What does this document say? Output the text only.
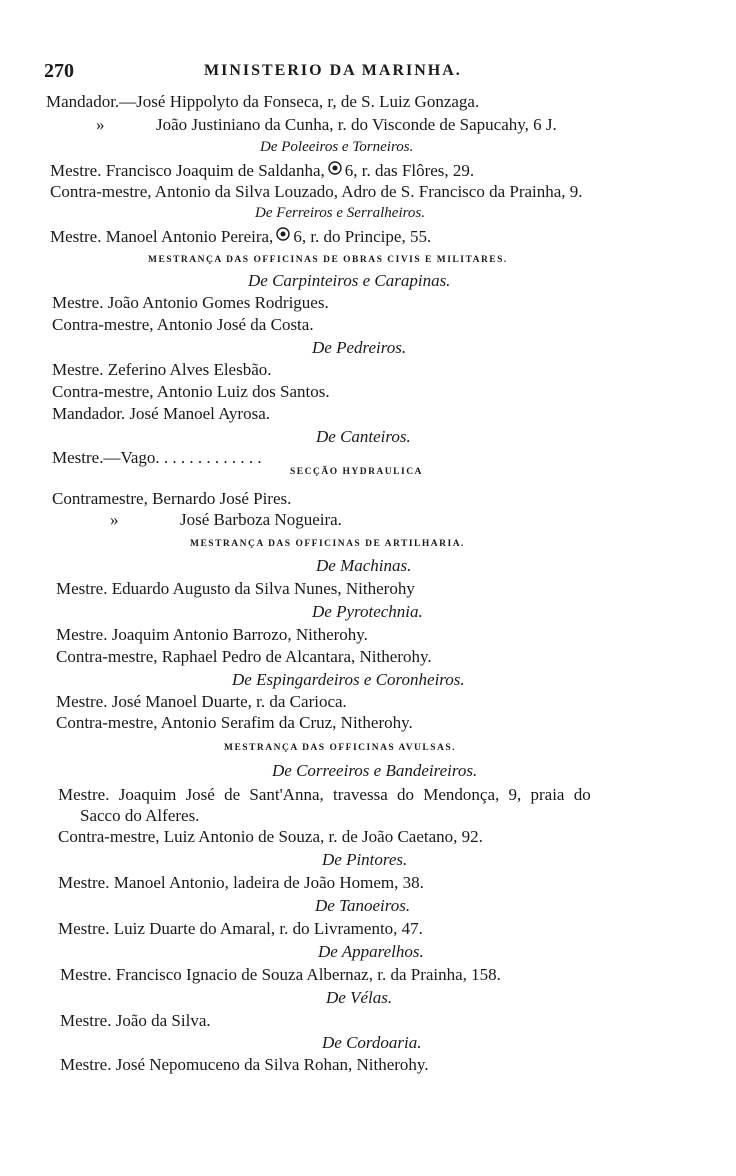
270	MINISTERIO DA MARINHA.
Mandador.—José Hippolyto da Fonseca, r, de S. Luiz Gonzaga.
»	João Justiniano da Cunha, r. do Visconde de Sapucahy, 6 J.
De Poleeiros e Torneiros.
Mestre. Francisco Joaquim de Saldanha, 6, r. das Flôres, 29.
Contra-mestre, Antonio da Silva Louzado, Adro de S. Francisco da Prainha, 9.
De Ferreiros e Serralheiros.
Mestre. Manoel Antonio Pereira, 6, r. do Principe, 55.
MESTRANÇA DAS OFFICINAS DE OBRAS CIVIS E MILITARES.
De Carpinteiros e Carapinas.
Mestre. João Antonio Gomes Rodrigues.
Contra-mestre, Antonio José da Costa.
De Pedreiros.
Mestre. Zeferino Alves Elesbão.
Contra-mestre, Antonio Luiz dos Santos.
Mandador. José Manoel Ayrosa.
De Canteiros.
Mestre.—Vago. . . . . . . . . . . . .
SECÇÃO HYDRAULICA
Contramestre, Bernardo José Pires.
»	José Barboza Nogueira.
MESTRANÇA DAS OFFICINAS DE ARTILHARIA.
De Machinas.
Mestre. Eduardo Augusto da Silva Nunes, Nitherohy
De Pyrotechnia.
Mestre. Joaquim Antonio Barrozo, Nitherohy.
Contra-mestre, Raphael Pedro de Alcantara, Nitherohy.
De Espingardeiros e Coronheiros.
Mestre. José Manoel Duarte, r. da Carioca.
Contra-mestre, Antonio Serafim da Cruz, Nitherohy.
MESTRANÇA DAS OFFICINAS AVULSAS.
De Correeiros e Bandeireiros.
Mestre. Joaquim José de Sant'Anna, travessa do Mendonça, 9, praia do
Sacco do Alferes.
Contra-mestre, Luiz Antonio de Souza, r. de João Caetano, 92.
De Pintores.
Mestre. Manoel Antonio, ladeira de João Homem, 38.
De Tanoeiros.
Mestre. Luiz Duarte do Amaral, r. do Livramento, 47.
De Apparelhos.
Mestre. Francisco Ignacio de Souza Albernaz, r. da Prainha, 158.
De Vélas.
Mestre. João da Silva.
De Cordoaria.
Mestre. José Nepomuceno da Silva Rohan, Nitherohy.
